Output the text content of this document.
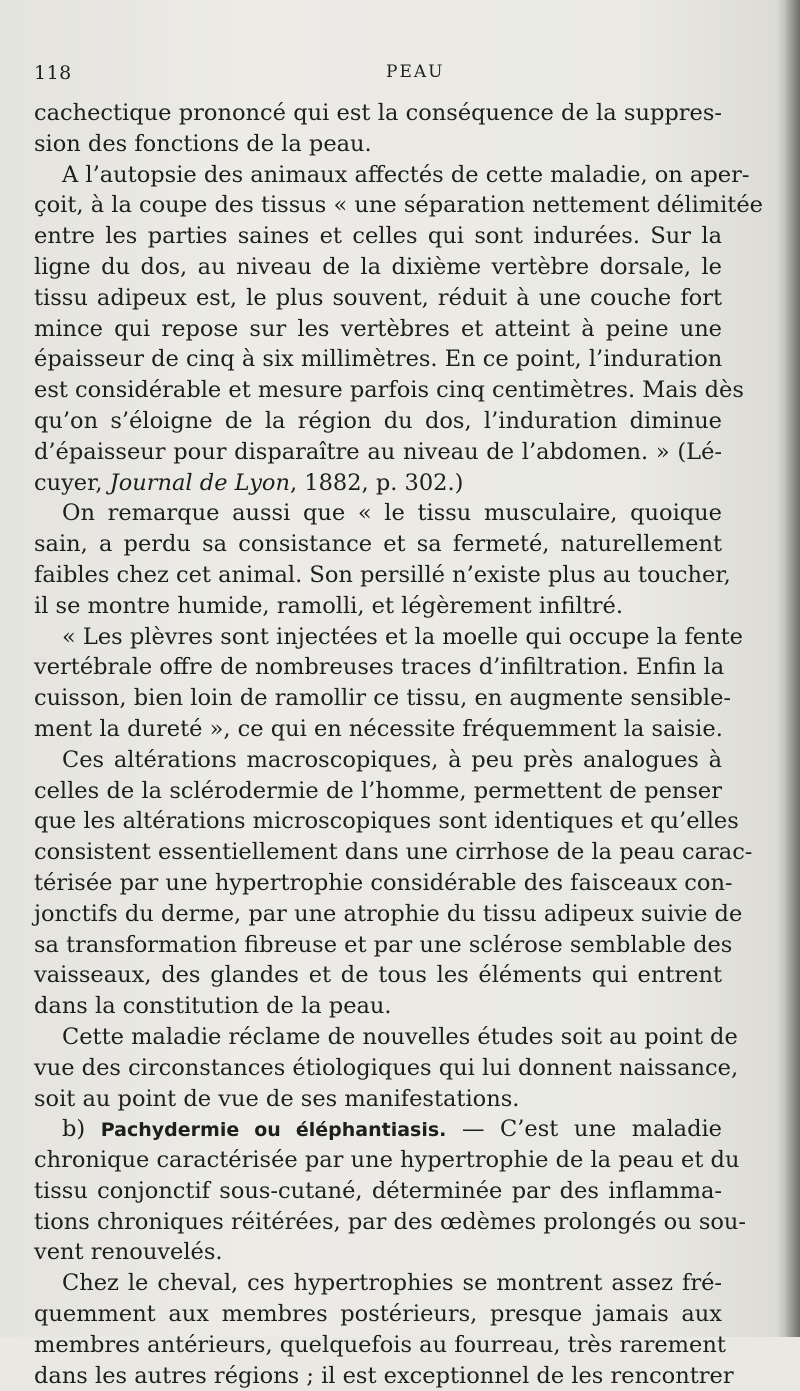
118	PEAU
cachectique prononcé qui est la conséquence de la suppres-
sion des fonctions de la peau.
A l’autopsie des animaux affectés de cette maladie, on aper-
çoit, à la coupe des tissus « une séparation nettement délimitée
entre les parties saines et celles qui sont indurées. Sur la
ligne du dos, au niveau de la dixième vertèbre dorsale, le
tissu adipeux est, le plus souvent, réduit à une couche fort
mince qui repose sur les vertèbres et atteint à peine une
épaisseur de cinq à six millimètres. En ce point, l’induration
est considérable et mesure parfois cinq centimètres. Mais dès
qu’on s’éloigne de la région du dos, l’induration diminue
d’épaisseur pour disparaître au niveau de l’abdomen. » (Lé-
cuyer, Journal de Lyon, 1882, p. 302.)
On remarque aussi que « le tissu musculaire, quoique
sain, a perdu sa consistance et sa fermeté, naturellement
faibles chez cet animal. Son persillé n’existe plus au toucher,
il se montre humide, ramolli, et légèrement infiltré.
« Les plèvres sont injectées et la moelle qui occupe la fente
vertébrale offre de nombreuses traces d’infiltration. Enfin la
cuisson, bien loin de ramollir ce tissu, en augmente sensible-
ment la dureté », ce qui en nécessite fréquemment la saisie.
Ces altérations macroscopiques, à peu près analogues à
celles de la sclérodermie de l’homme, permettent de penser
que les altérations microscopiques sont identiques et qu’elles
consistent essentiellement dans une cirrhose de la peau carac-
térisée par une hypertrophie considérable des faisceaux con-
jonctifs du derme, par une atrophie du tissu adipeux suivie de
sa transformation fibreuse et par une sclérose semblable des
vaisseaux, des glandes et de tous les éléments qui entrent
dans la constitution de la peau.
Cette maladie réclame de nouvelles études soit au point de
vue des circonstances étiologiques qui lui donnent naissance,
soit au point de vue de ses manifestations.
b) Pachydermie ou éléphantiasis. — C’est une maladie
chronique caractérisée par une hypertrophie de la peau et du
tissu conjonctif sous-cutané, déterminée par des inflamma-
tions chroniques réitérées, par des œdèmes prolongés ou sou-
vent renouvelés.
Chez le cheval, ces hypertrophies se montrent assez fré-
quemment aux membres postérieurs, presque jamais aux
membres antérieurs, quelquefois au fourreau, très rarement
dans les autres régions ; il est exceptionnel de les rencontrer
